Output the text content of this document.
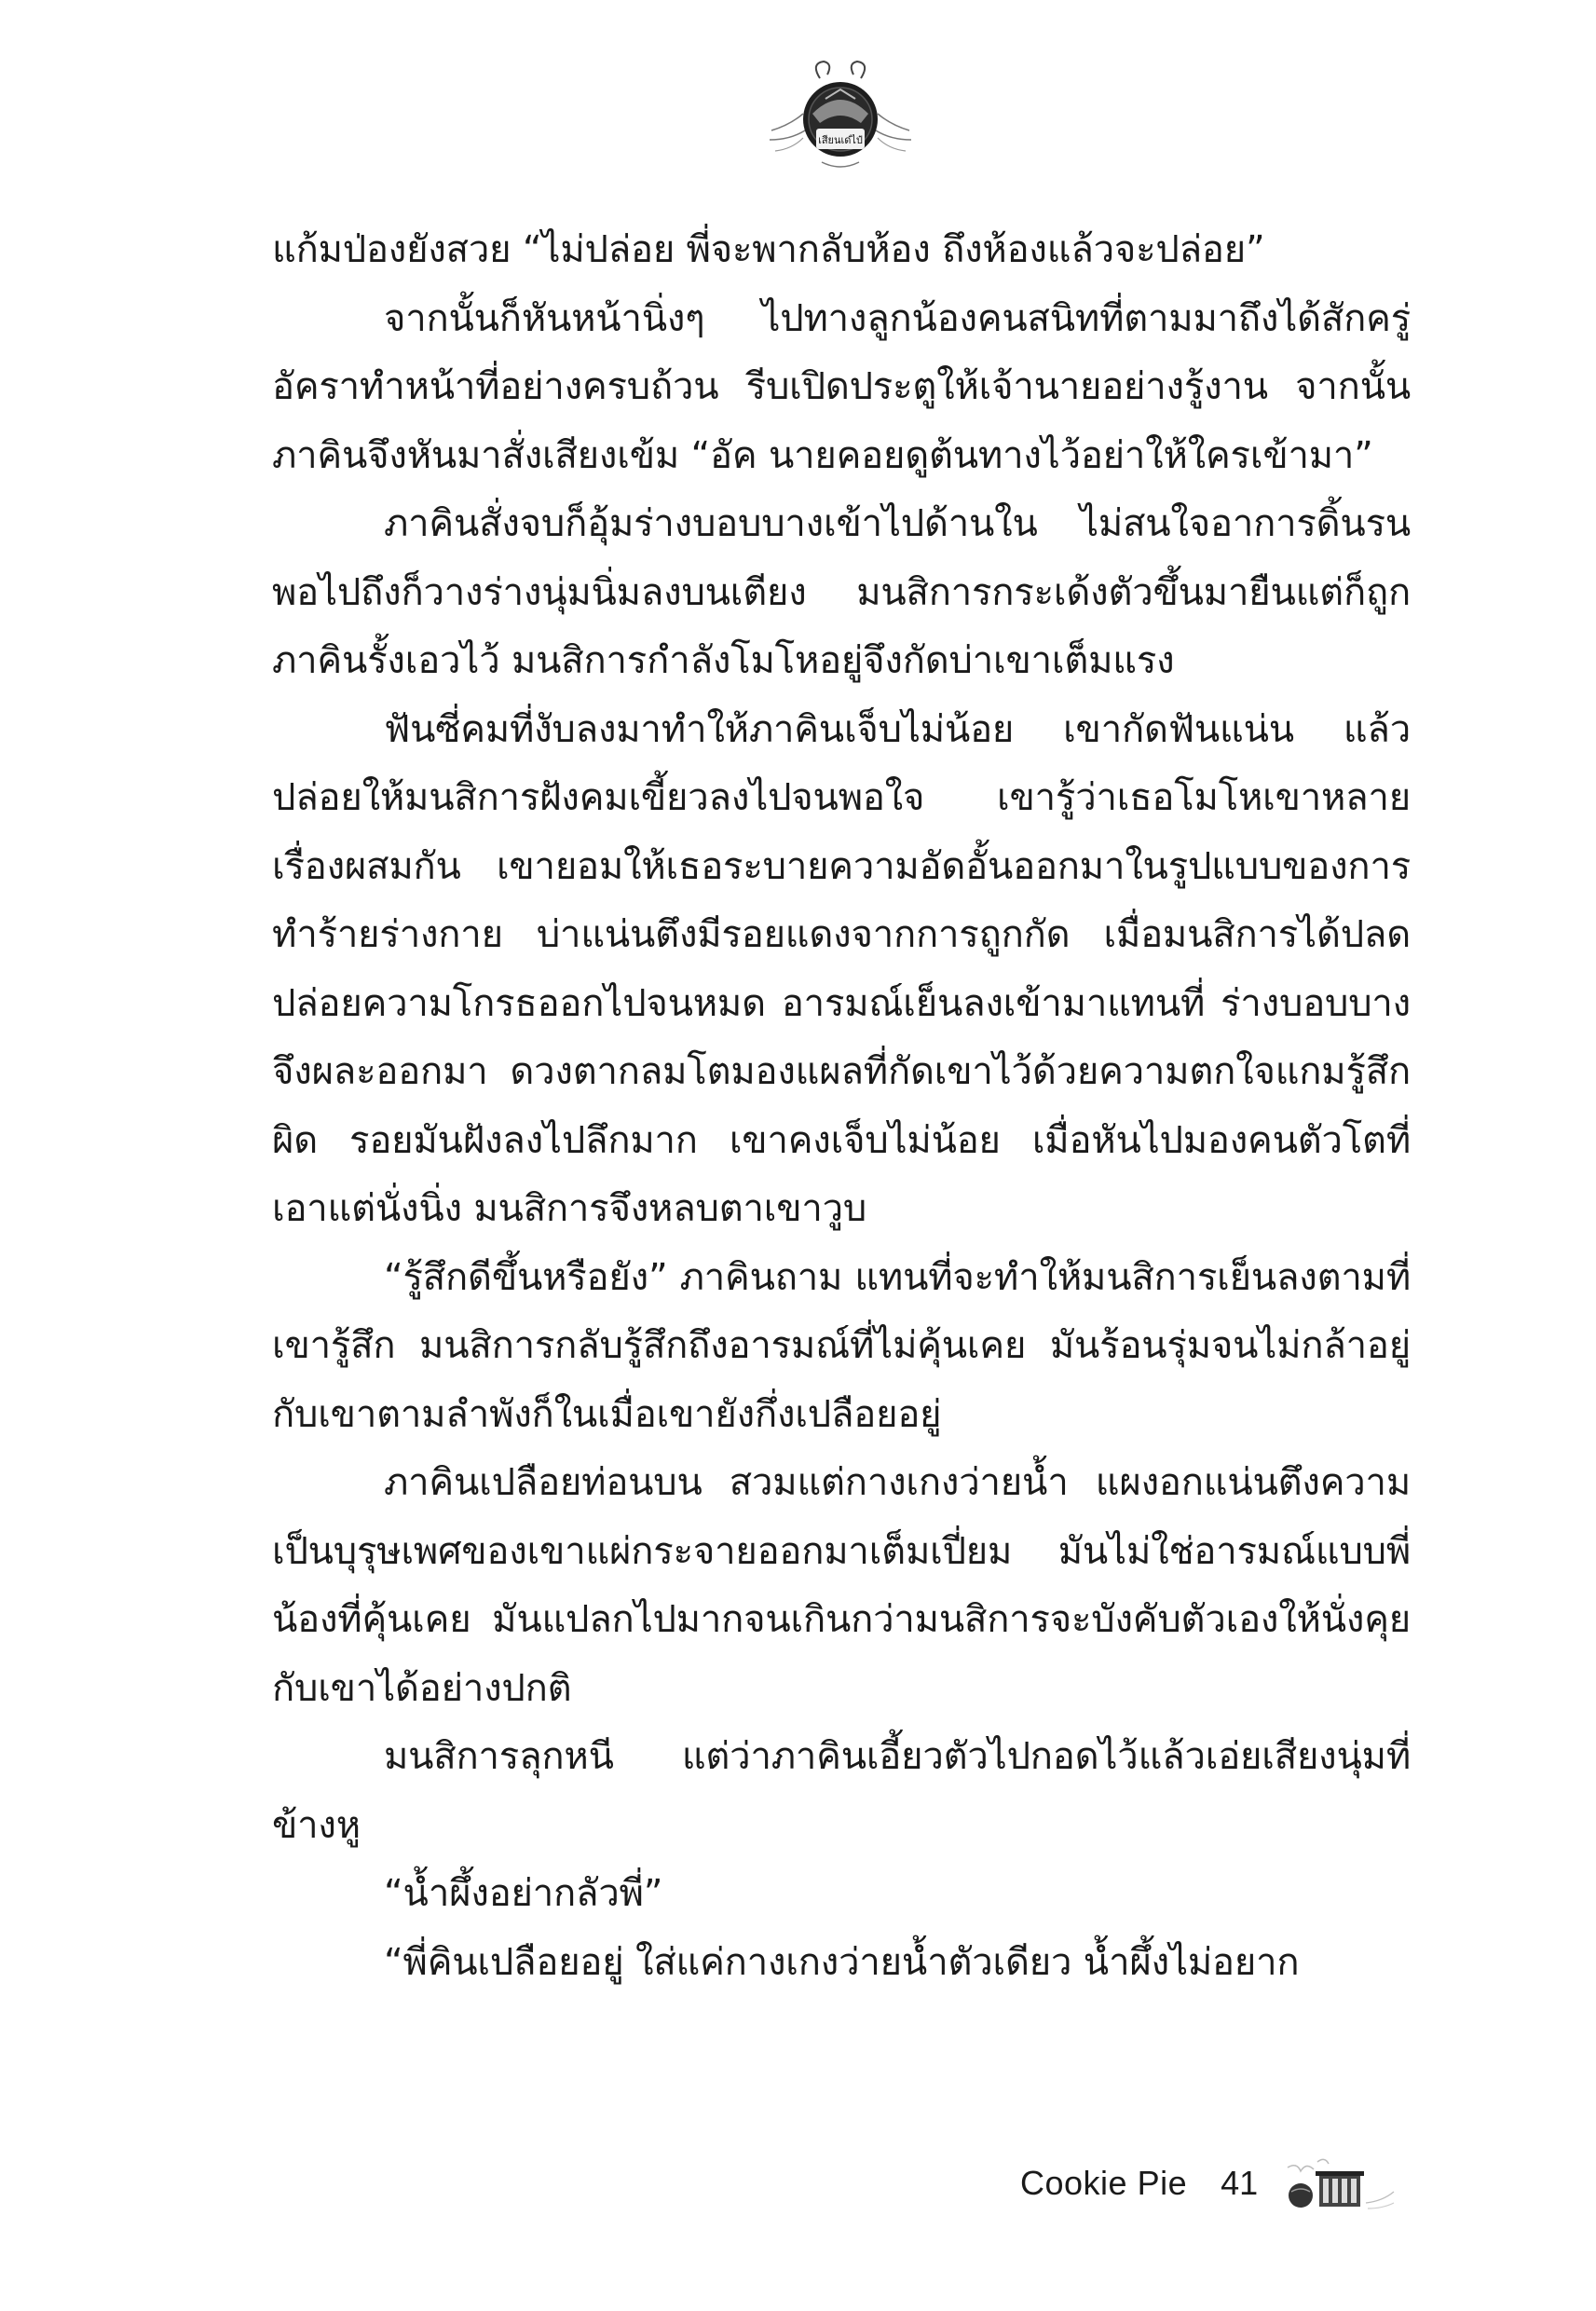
เสียนเด๋ไป๋

แก้มป่องยังสวย “ไม่ปล่อย พี่จะพากลับห้อง ถึงห้องแล้วจะปล่อย”

จากนั้นก็หันหน้านิ่งๆ ไปทางลูกน้องคนสนิทที่ตามมาถึงได้สักครู่ อัคราทำหน้าที่อย่างครบถ้วน รีบเปิดประตูให้เจ้านายอย่างรู้งาน จากนั้นภาคินจึงหันมาสั่งเสียงเข้ม “อัค นายคอยดูต้นทางไว้อย่าให้ใครเข้ามา”

ภาคินสั่งจบก็อุ้มร่างบอบบางเข้าไปด้านใน ไม่สนใจอาการดิ้นรน พอไปถึงก็วางร่างนุ่มนิ่มลงบนเตียง มนสิการกระเด้งตัวขึ้นมายืนแต่ก็ถูกภาคินรั้งเอวไว้ มนสิการกำลังโมโหอยู่จึงกัดบ่าเขาเต็มแรง

ฟันซี่คมที่งับลงมาทำให้ภาคินเจ็บไม่น้อย เขากัดฟันแน่น แล้วปล่อยให้มนสิการฝังคมเขี้ยวลงไปจนพอใจ เขารู้ว่าเธอโมโหเขาหลายเรื่องผสมกัน เขายอมให้เธอระบายความอัดอั้นออกมาในรูปแบบของการทำร้ายร่างกาย บ่าแน่นตึงมีรอยแดงจากการถูกกัด เมื่อมนสิการได้ปลดปล่อยความโกรธออกไปจนหมด อารมณ์เย็นลงเข้ามาแทนที่ ร่างบอบบางจึงผละออกมา ดวงตากลมโตมองแผลที่กัดเขาไว้ด้วยความตกใจแกมรู้สึกผิด รอยมันฝังลงไปลึกมาก เขาคงเจ็บไม่น้อย เมื่อหันไปมองคนตัวโตที่เอาแต่นั่งนิ่ง มนสิการจึงหลบตาเขาวูบ

“รู้สึกดีขึ้นหรือยัง” ภาคินถาม แทนที่จะทำให้มนสิการเย็นลงตามที่เขารู้สึก มนสิการกลับรู้สึกถึงอารมณ์ที่ไม่คุ้นเคย มันร้อนรุ่มจนไม่กล้าอยู่กับเขาตามลำพังก็ในเมื่อเขายังกึ่งเปลือยอยู่

ภาคินเปลือยท่อนบน สวมแต่กางเกงว่ายน้ำ แผงอกแน่นตึงความเป็นบุรุษเพศของเขาแผ่กระจายออกมาเต็มเปี่ยม มันไม่ใช่อารมณ์แบบพี่น้องที่คุ้นเคย มันแปลกไปมากจนเกินกว่ามนสิการจะบังคับตัวเองให้นั่งคุยกับเขาได้อย่างปกติ

มนสิการลุกหนี แต่ว่าภาคินเอี้ยวตัวไปกอดไว้แล้วเอ่ยเสียงนุ่มที่ข้างหู

“น้ำผึ้งอย่ากลัวพี่”

“พี่คินเปลือยอยู่ ใส่แค่กางเกงว่ายน้ำตัวเดียว น้ำผึ้งไม่อยาก

Cookie Pie 41
